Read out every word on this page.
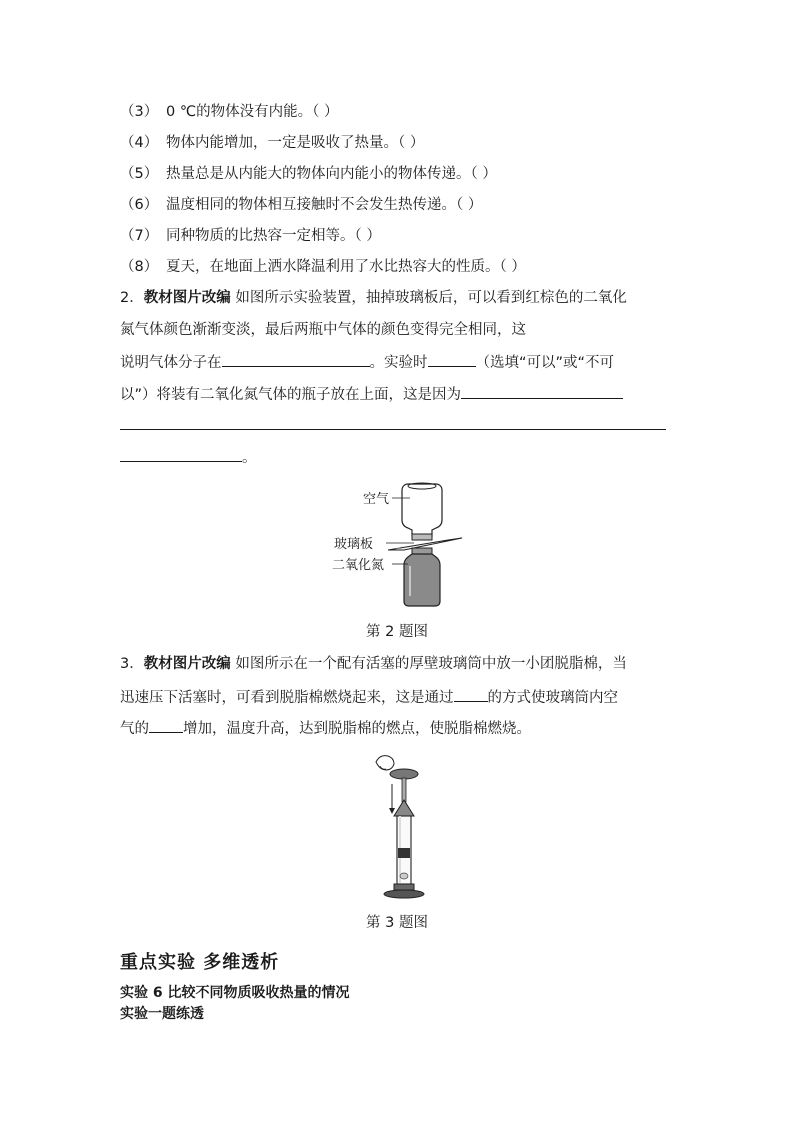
（3） 0 ℃的物体没有内能。（ ）
（4） 物体内能增加，一定是吸收了热量。（ ）
（5） 热量总是从内能大的物体向内能小的物体传递。（ ）
（6） 温度相同的物体相互接触时不会发生热传递。（ ）
（7） 同种物质的比热容一定相等。（ ）
（8） 夏天，在地面上洒水降温利用了水比热容大的性质。（ ）
2．教材图片改编 如图所示实验装置，抽掉玻璃板后，可以看到红棕色的二氧化
氮气体颜色渐渐变淡，最后两瓶中气体的颜色变得完全相同，这
说明气体分子在	。实验时	（选填“可以”或“不可
以”）将装有二氧化氮气体的瓶子放在上面，这是因为
。
空气
玻璃板
二氧化氮
第 2 题图
3．教材图片改编 如图所示在一个配有活塞的厚壁玻璃筒中放一小团脱脂棉，当
迅速压下活塞时，可看到脱脂棉燃烧起来，这是通过 的方式使玻璃筒内空
气的 增加，温度升高，达到脱脂棉的燃点，使脱脂棉燃烧。
第 3 题图
重点实验 多维透析
实验 6 比较不同物质吸收热量的情况
实验一题练透
